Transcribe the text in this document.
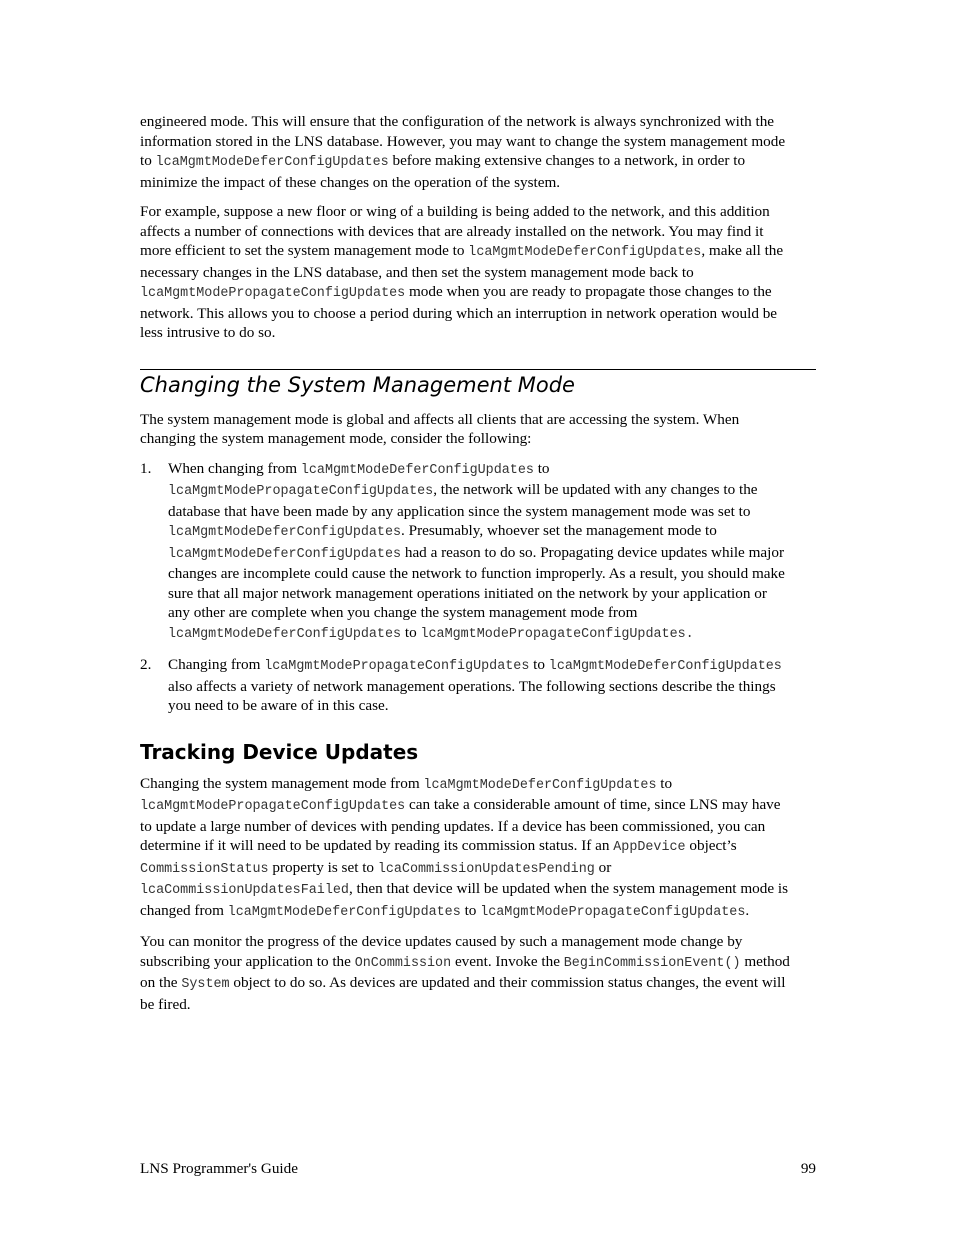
engineered mode. This will ensure that the configuration of the network is always synchronized with the information stored in the LNS database. However, you may want to change the system management mode to lcaMgmtModeDeferConfigUpdates before making extensive changes to a network, in order to minimize the impact of these changes on the operation of the system.

For example, suppose a new floor or wing of a building is being added to the network, and this addition affects a number of connections with devices that are already installed on the network. You may find it more efficient to set the system management mode to lcaMgmtModeDeferConfigUpdates, make all the necessary changes in the LNS database, and then set the system management mode back to lcaMgmtModePropagateConfigUpdates mode when you are ready to propagate those changes to the network. This allows you to choose a period during which an interruption in network operation would be less intrusive to do so.

Changing the System Management Mode

The system management mode is global and affects all clients that are accessing the system. When changing the system management mode, consider the following:

1. When changing from lcaMgmtModeDeferConfigUpdates to lcaMgmtModePropagateConfigUpdates, the network will be updated with any changes to the database that have been made by any application since the system management mode was set to lcaMgmtModeDeferConfigUpdates. Presumably, whoever set the management mode to lcaMgmtModeDeferConfigUpdates had a reason to do so. Propagating device updates while major changes are incomplete could cause the network to function improperly. As a result, you should make sure that all major network management operations initiated on the network by your application or any other are complete when you change the system management mode from lcaMgmtModeDeferConfigUpdates to lcaMgmtModePropagateConfigUpdates.
2. Changing from lcaMgmtModePropagateConfigUpdates to lcaMgmtModeDeferConfigUpdates also affects a variety of network management operations. The following sections describe the things you need to be aware of in this case.
Tracking Device Updates

Changing the system management mode from lcaMgmtModeDeferConfigUpdates to lcaMgmtModePropagateConfigUpdates can take a considerable amount of time, since LNS may have to update a large number of devices with pending updates. If a device has been commissioned, you can determine if it will need to be updated by reading its commission status. If an AppDevice object’s CommissionStatus property is set to lcaCommissionUpdatesPending or lcaCommissionUpdatesFailed, then that device will be updated when the system management mode is changed from lcaMgmtModeDeferConfigUpdates to lcaMgmtModePropagateConfigUpdates.

You can monitor the progress of the device updates caused by such a management mode change by subscribing your application to the OnCommission event. Invoke the BeginCommissionEvent() method on the System object to do so. As devices are updated and their commission status changes, the event will be fired.

LNS Programmer's Guide	99
